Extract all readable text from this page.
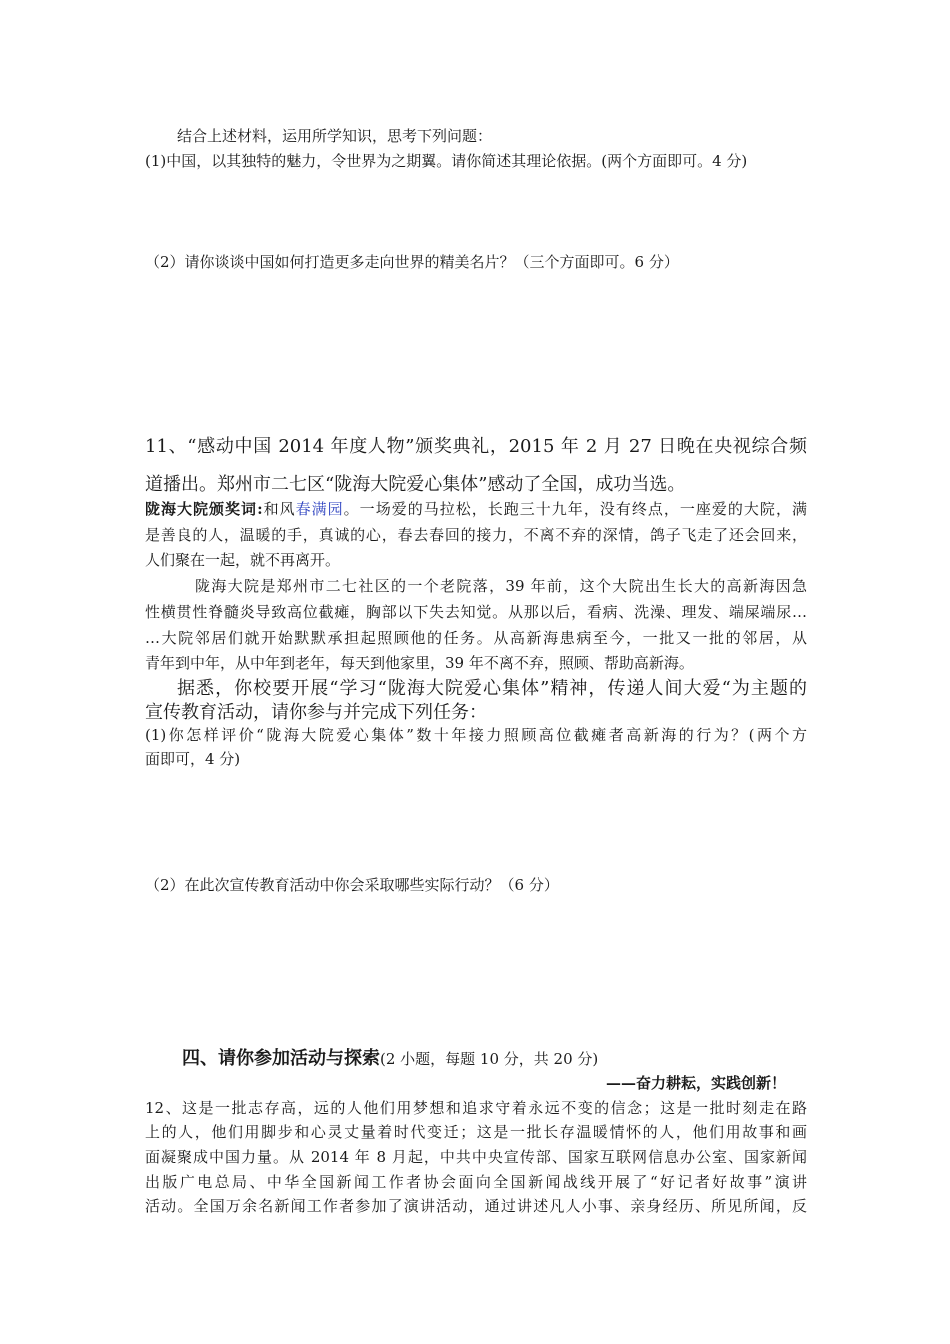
结合上述材料，运用所学知识，思考下列问题：
(1)中国，以其独特的魅力，令世界为之期翼。请你简述其理论依据。(两个方面即可。4 分)
（2）请你谈谈中国如何打造更多走向世界的精美名片？（三个方面即可。6 分）
11、“感动中国 2014 年度人物”颁奖典礼，2015 年 2 月 27 日晚在央视综合频
道播出。郑州市二七区“陇海大院爱心集体”感动了全国，成功当选。
陇海大院颁奖词:和风春满园。一场爱的马拉松，长跑三十九年，没有终点，一座爱的大院，满
是善良的人，温暖的手，真诚的心，春去春回的接力，不离不弃的深情，鸽子飞走了还会回来，
人们聚在一起，就不再离开。
陇海大院是郑州市二七社区的一个老院落，39 年前，这个大院出生长大的高新海因急
性横贯性脊髓炎导致高位截瘫，胸部以下失去知觉。从那以后，看病、洗澡、理发、端屎端尿…
…大院邻居们就开始默默承担起照顾他的任务。从高新海患病至今，一批又一批的邻居，从
青年到中年，从中年到老年，每天到他家里，39 年不离不弃，照顾、帮助高新海。
据悉，你校要开展“学习“陇海大院爱心集体”精神，传递人间大爱“为主题的
宣传教育活动，请你参与并完成下列任务：
(1)你怎样评价“陇海大院爱心集体”数十年接力照顾高位截瘫者高新海的行为？(两个方
面即可，4 分)
（2）在此次宣传教育活动中你会采取哪些实际行动？（6 分）
四、请你参加活动与探索(2 小题，每题 10 分，共 20 分)
——奋力耕耘，实践创新！
12、这是一批志存高，远的人他们用梦想和追求守着永远不变的信念；这是一批时刻走在路
上的人，他们用脚步和心灵丈量着时代变迁；这是一批长存温暖情怀的人，他们用故事和画
面凝聚成中国力量。从 2014 年 8 月起，中共中央宣传部、国家互联网信息办公室、国家新闻
出版广电总局、中华全国新闻工作者协会面向全国新闻战线开展了“好记者好故事”演讲
活动。全国万余名新闻工作者参加了演讲活动，通过讲述凡人小事、亲身经历、所见所闻，反
